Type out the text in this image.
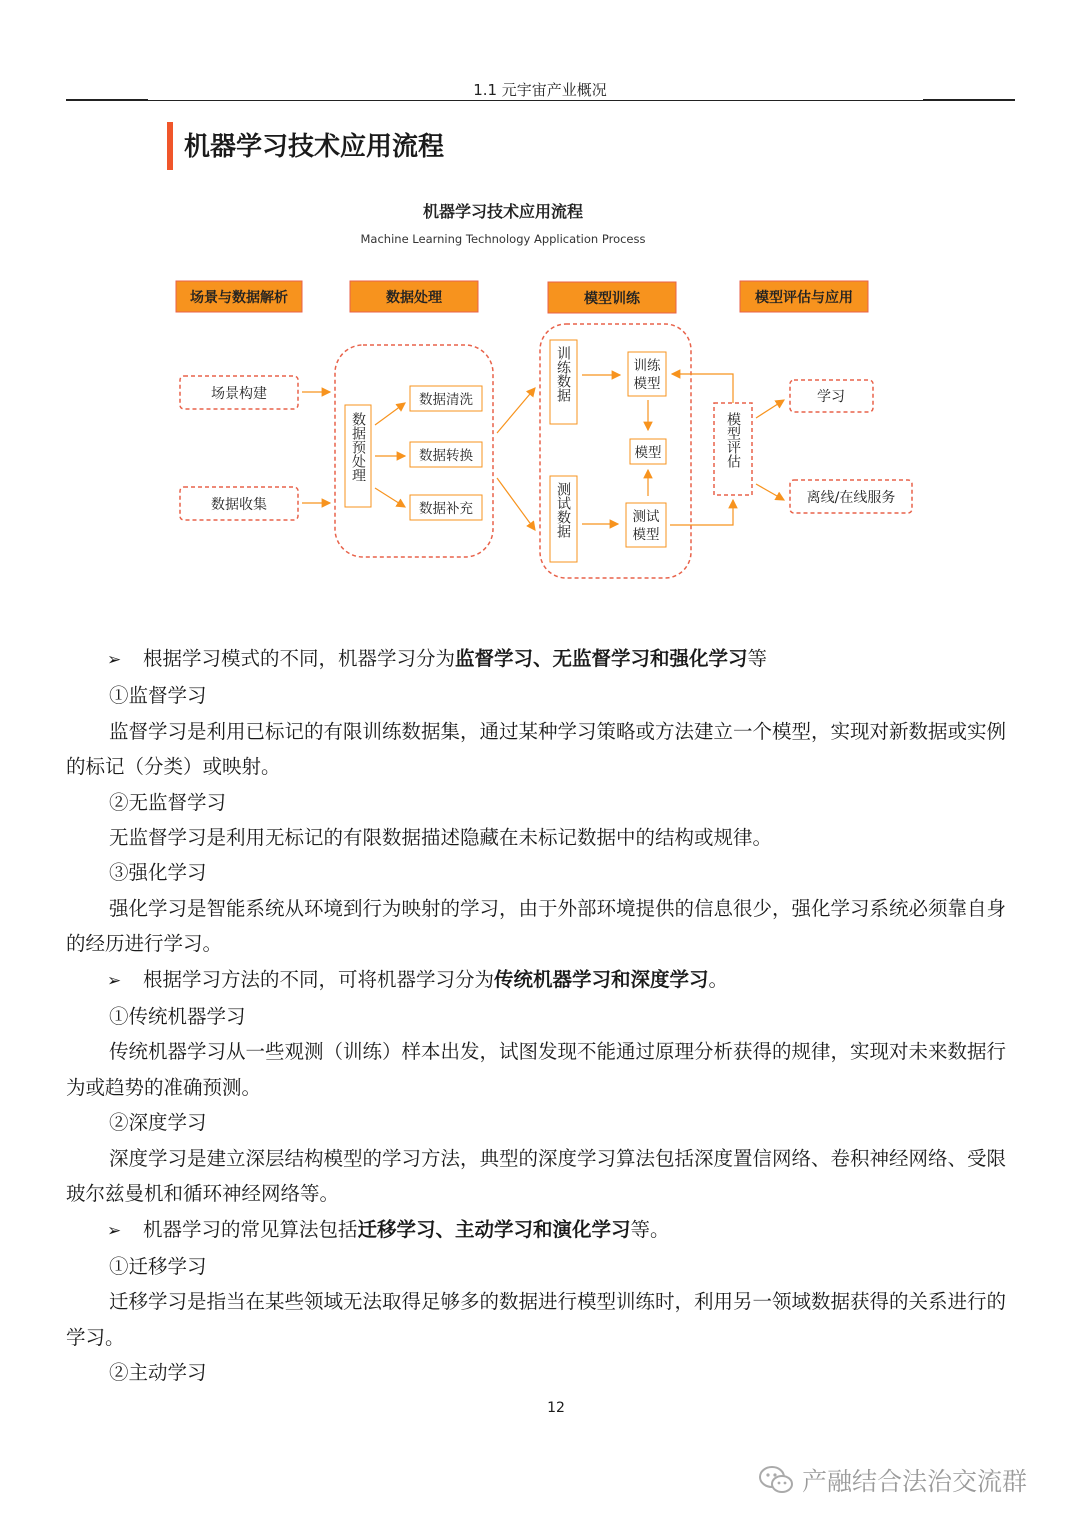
1.1 元宇宙产业概况
机器学习技术应用流程
机器学习技术应用流程
Machine Learning Technology Application Process
场景与数据解析	数据处理	模型训练	模型评估与应用
场景构建
数据收集
数据预处理
数据清洗
数据转换
数据补充
训练数据
测试数据
训练模型
模型
测试模型
模型评估
学习
离线/在线服务

➢ 根据学习模式的不同，机器学习分为监督学习、无监督学习和强化学习等

①监督学习

监督学习是利用已标记的有限训练数据集，通过某种学习策略或方法建立一个模型，实现对新数据或实例的标记（分类）或映射。

②无监督学习

无监督学习是利用无标记的有限数据描述隐藏在未标记数据中的结构或规律。

③强化学习

强化学习是智能系统从环境到行为映射的学习，由于外部环境提供的信息很少，强化学习系统必须靠自身的经历进行学习。

➢ 根据学习方法的不同，可将机器学习分为传统机器学习和深度学习。

①传统机器学习

传统机器学习从一些观测（训练）样本出发，试图发现不能通过原理分析获得的规律，实现对未来数据行为或趋势的准确预测。

②深度学习

深度学习是建立深层结构模型的学习方法，典型的深度学习算法包括深度置信网络、卷积神经网络、受限玻尔兹曼机和循环神经网络等。

➢ 机器学习的常见算法包括迁移学习、主动学习和演化学习等。

①迁移学习

迁移学习是指当在某些领域无法取得足够多的数据进行模型训练时，利用另一领域数据获得的关系进行的学习。

②主动学习

12
产融结合法治交流群
